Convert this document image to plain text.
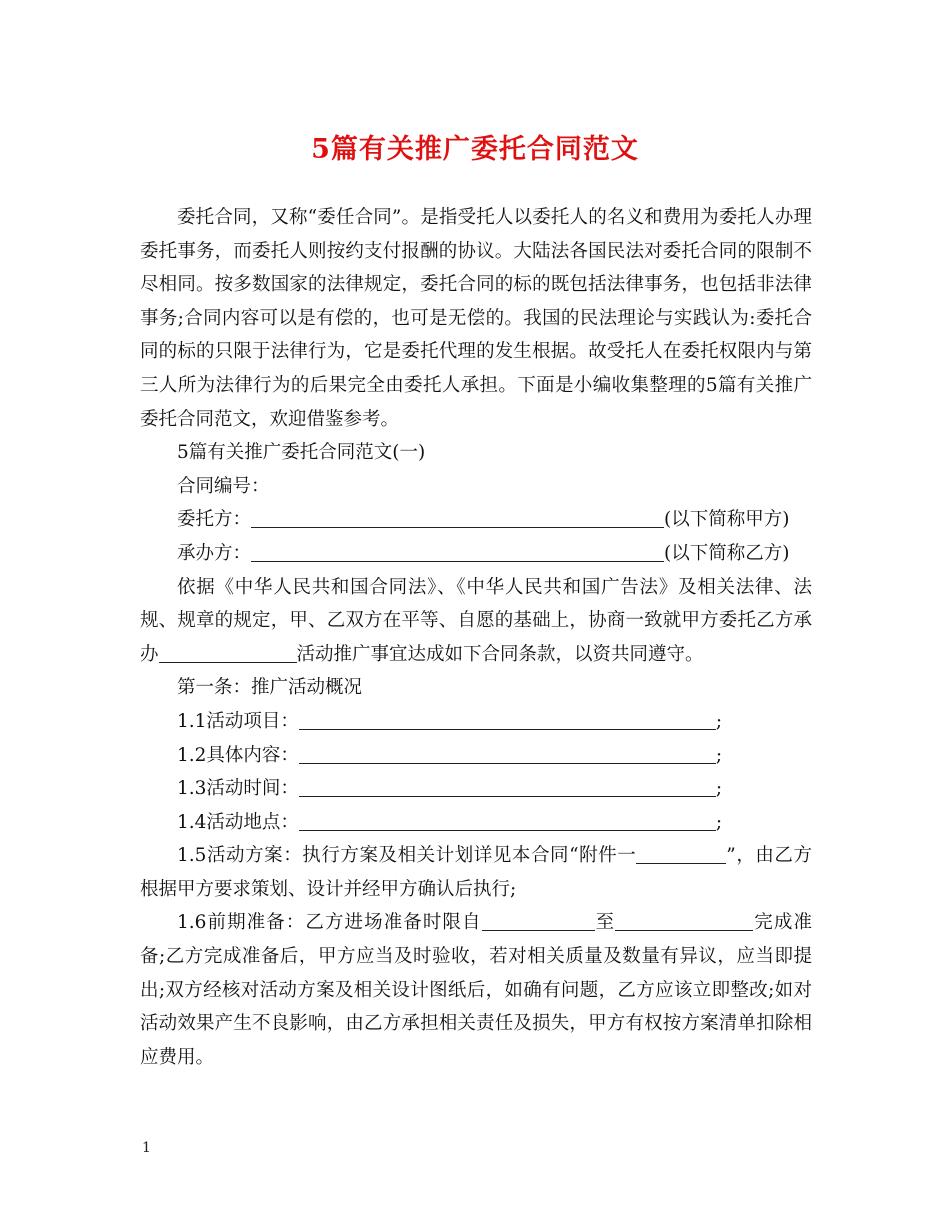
5篇有关推广委托合同范文

委托合同，又称“委任合同”。是指受托人以委托人的名义和费用为委托人办理委托事务，而委托人则按约支付报酬的协议。大陆法各国民法对委托合同的限制不尽相同。按多数国家的法律规定，委托合同的标的既包括法律事务，也包括非法律事务;合同内容可以是有偿的，也可是无偿的。我国的民法理论与实践认为:委托合同的标的只限于法律行为，它是委托代理的发生根据。故受托人在委托权限内与第三人所为法律行为的后果完全由委托人承担。下面是小编收集整理的5篇有关推广委托合同范文，欢迎借鉴参考。

5篇有关推广委托合同范文(一)
合同编号：
委托方：	(以下简称甲方)
承办方：	(以下简称乙方)

依据《中华人民共和国合同法》、《中华人民共和国广告法》及相关法律、法规、规章的规定，甲、乙双方在平等、自愿的基础上，协商一致就甲方委托乙方承办	活动推广事宜达成如下合同条款，以资共同遵守。

第一条：推广活动概况
1.1活动项目：	;
1.2具体内容：	;
1.3活动时间：	;
1.4活动地点：	;

1.5活动方案：执行方案及相关计划详见本合同“附件一	”，由乙方根据甲方要求策划、设计并经甲方确认后执行;

1.6前期准备：乙方进场准备时限自	至	完成准备;乙方完成准备后，甲方应当及时验收，若对相关质量及数量有异议，应当即提出;双方经核对活动方案及相关设计图纸后，如确有问题，乙方应该立即整改;如对活动效果产生不良影响，由乙方承担相关责任及损失，甲方有权按方案清单扣除相应费用。

1
